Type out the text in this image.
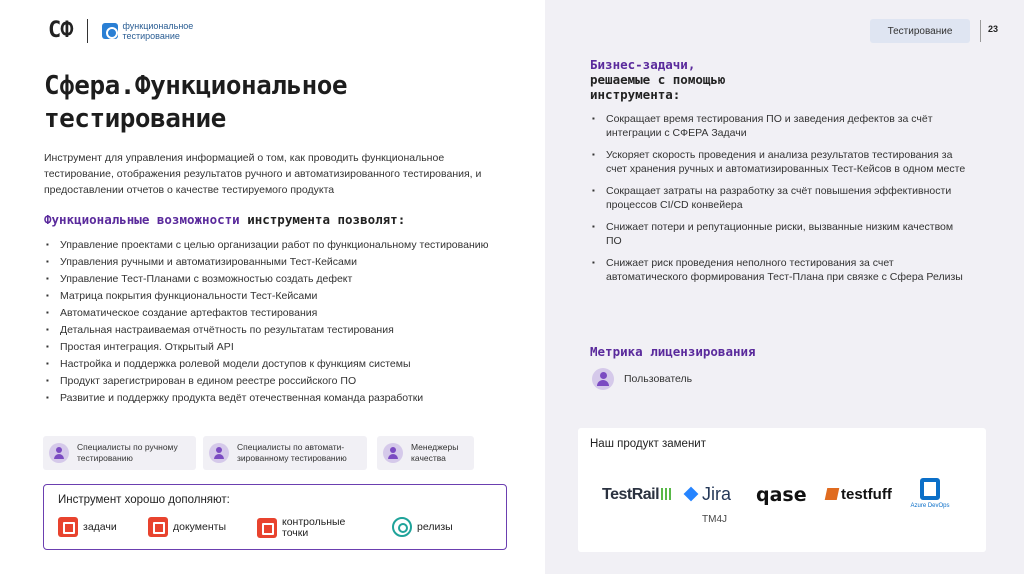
СФ	функциональное
тестирование
Сфера.Функциональное
тестирование

Инструмент для управления информацией о том, как проводить функциональное тестирование, отображения результатов ручного и автоматизированного тестирования, и предоставлении отчетов о качестве тестируемого продукта

Функциональные возможности инструмента позволят:
▪ Управление проектами с целью организации работ по функциональному тестированию
▪ Управления ручными и автоматизированными Тест-Кейсами
▪ Управление Тест-Планами с возможностью создать дефект
▪ Матрица покрытия функциональности Тест-Кейсами
▪ Автоматическое создание артефактов тестирования
▪ Детальная настраиваемая отчётность по результатам тестирования
▪ Простая интеграция. Открытый API
▪ Настройка и поддержка ролевой модели доступов к функциям системы
▪ Продукт зарегистрирован в едином реестре российского ПО
▪ Развитие и поддержку продукта ведёт отечественная команда разработки
Специалисты по ручному
тестированию
Специалисты по автомати-
зированному тестированию
Менеджеры
качества
Инструмент хорошо дополняют:
задачи	документы	контрольные
точки
релизы
Тестирование	23
Бизнес-задачи,
решаемые с помощью
инструмента:
▪ Сокращает время тестирования ПО и заведения дефектов за счёт интеграции с СФЕРА Задачи
▪ Ускоряет скорость проведения и анализа результатов тестирования за счет хранения ручных и автоматизированных Тест-Кейсов в одном месте
▪ Сокращает затраты на разработку за счёт повышения эффективности процессов CI/CD конвейера
▪ Снижает потери и репутационные риски, вызванные низким качеством ПО
▪ Снижает риск проведения неполного тестирования за счет автоматического формирования Тест-Плана при связке с Сфера Релизы
Метрика лицензирования
Пользователь
Наш продукт заменит
TestRail	Jira
TM4J
qase	testfuff
Azure DevOps
